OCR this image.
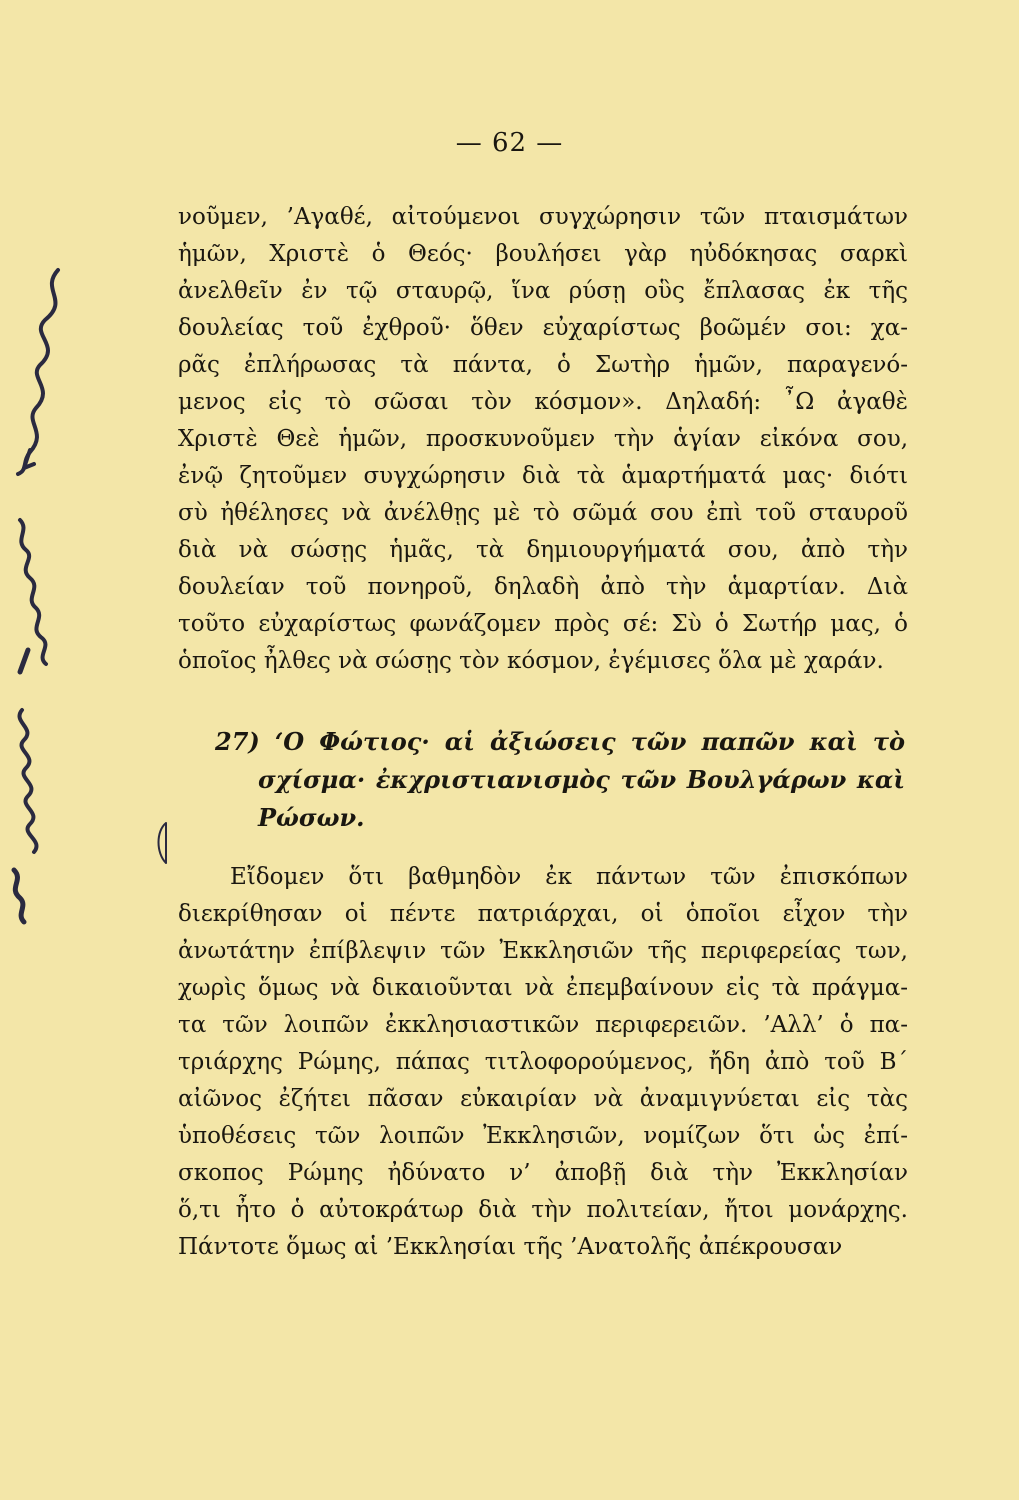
— 62 —
νοῦμεν, ’Αγαθέ, αἰτούμενοι συγχώρησιν τῶν πταισμάτων
ἡμῶν, Χριστὲ ὁ Θεός· βουλήσει γὰρ ηὐδόκησας σαρκὶ
ἀνελθεῖν ἐν τῷ σταυρῷ, ἵνα ρύσῃ οὓς ἔπλασας ἐκ τῆς
δουλείας τοῦ ἐχθροῦ· ὅθεν εὐχαρίστως βοῶμέν σοι: χα-
ρᾶς ἐπλήρωσας τὰ πάντα, ὁ Σωτὴρ ἡμῶν, παραγενό-
μενος εἰς τὸ σῶσαι τὸν κόσμον». Δηλαδή: ῏Ω ἀγαθὲ
Χριστὲ Θεὲ ἡμῶν, προσκυνοῦμεν τὴν ἁγίαν εἰκόνα σου,
ἐνῷ ζητοῦμεν συγχώρησιν διὰ τὰ ἁμαρτήματά μας· διότι
σὺ ἠθέλησες νὰ ἀνέλθῃς μὲ τὸ σῶμά σου ἐπὶ τοῦ σταυροῦ
διὰ νὰ σώσῃς ἡμᾶς, τὰ δημιουργήματά σου, ἀπὸ τὴν
δουλείαν τοῦ πονηροῦ, δηλαδὴ ἀπὸ τὴν ἁμαρτίαν. Διὰ
τοῦτο εὐχαρίστως φωνάζομεν πρὸς σέ: Σὺ ὁ Σωτήρ μας, ὁ
ὁποῖος ἦλθες νὰ σώσῃς τὸν κόσμον, ἐγέμισες ὅλα μὲ χαράν.
27) ‘Ο Φώτιος· αἱ ἀξιώσεις τῶν παπῶν καὶ τὸ
σχίσμα· ἐκχριστιανισμὸς τῶν Βουλγάρων καὶ
Ρώσων.
Εἴδομεν ὅτι βαθμηδὸν ἐκ πάντων τῶν ἐπισκόπων
διεκρίθησαν οἱ πέντε πατριάρχαι, οἱ ὁποῖοι εἶχον τὴν
ἀνωτάτην ἐπίβλεψιν τῶν Ἐκκλησιῶν τῆς περιφερείας των,
χωρὶς ὅμως νὰ δικαιοῦνται νὰ ἐπεμβαίνουν εἰς τὰ πράγμα-
τα τῶν λοιπῶν ἐκκλησιαστικῶν περιφερειῶν. ’Αλλ’ ὁ πα-
τριάρχης Ρώμης, πάπας τιτλοφορούμενος, ἤδη ἀπὸ τοῦ Β΄
αἰῶνος ἐζήτει πᾶσαν εὐκαιρίαν νὰ ἀναμιγνύεται εἰς τὰς
ὑποθέσεις τῶν λοιπῶν Ἐκκλησιῶν, νομίζων ὅτι ὡς ἐπί-
σκοπος Ρώμης ἠδύνατο ν’ ἀποβῇ διὰ τὴν Ἐκκλησίαν
ὅ,τι ἦτο ὁ αὐτοκράτωρ διὰ τὴν πολιτείαν, ἤτοι μονάρχης.
Πάντοτε ὅμως αἱ ’Εκκλησίαι τῆς ’Ανατολῆς ἀπέκρουσαν
